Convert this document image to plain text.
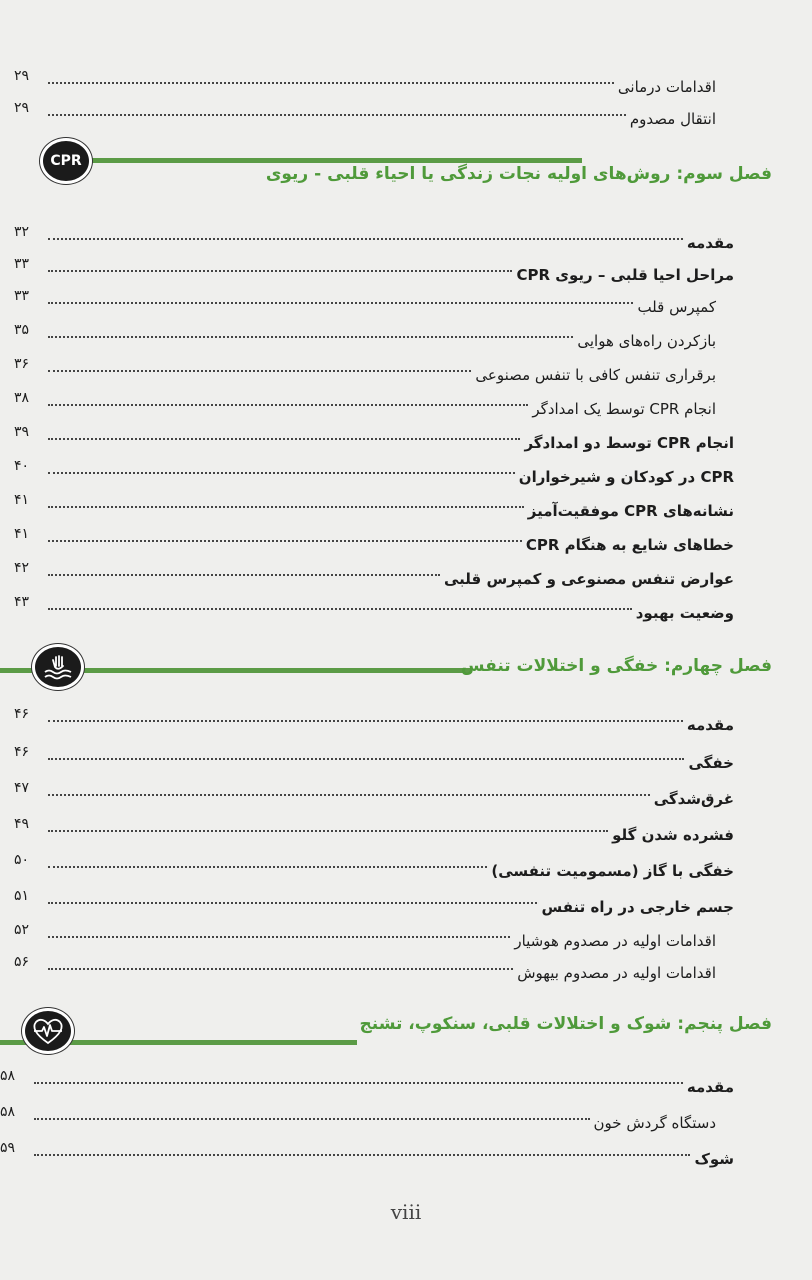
۲۹
اقدامات درمانی
۲۹
انتقال مصدوم
CPR
فصل سوم: روش‌های اولیه نجات زندگی یا احیاء قلبی - ریوی
۳۲
مقدمه
۳۳
مراحل احیا قلبی – ریوی CPR
۳۳
کمپرس قلب
۳۵
بازکردن راه‌های هوایی
۳۶
برقراری تنفس کافی با تنفس مصنوعی
۳۸
انجام CPR توسط یک امدادگر
۳۹
انجام CPR توسط دو امدادگر
۴۰
CPR در کودکان و شیرخواران
۴۱
نشانه‌های CPR موفقیت‌آمیز
۴۱
خطاهای شایع به هنگام CPR
۴۲
عوارض تنفس مصنوعی و کمپرس قلبی
۴۳
وضعیت بهبود
فصل چهارم: خفگی و اختلالات تنفس
۴۶
مقدمه
۴۶
خفگی
۴۷
غرق‌شدگی
۴۹
فشرده شدن گلو
۵۰
خفگی با گاز (مسمومیت تنفسی)
۵۱
جسم خارجی در راه تنفس
۵۲
اقدامات اولیه در مصدوم هوشیار
۵۶
اقدامات اولیه در مصدوم بیهوش
فصل پنجم: شوک و اختلالات قلبی، سنکوپ، تشنج
۵۸
مقدمه
۵۸
دستگاه گردش خون
۵۹
شوک
viii
